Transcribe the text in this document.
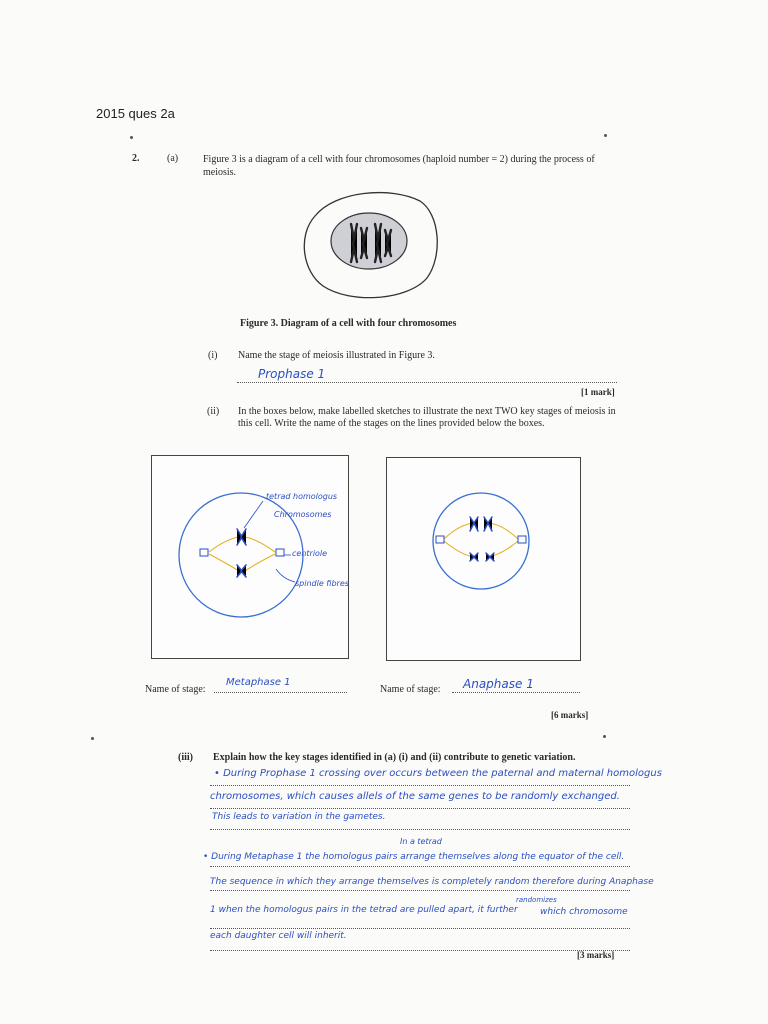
2015 ques 2a
2.	(a) Figure 3 is a diagram of a cell with four chromosomes (haploid number = 2) during the process of meiosis.
Figure 3. Diagram of a cell with four chromosomes
(i) Name the stage of meiosis illustrated in Figure 3.
Prophase 1
[1 mark]
(ii) In the boxes below, make labelled sketches to illustrate the next TWO key stages of meiosis in this cell. Write the name of the stages on the lines provided below the boxes.
tetrad homologus
Chromosomes
centriole
spindle fibres
Name of stage:
Metaphase 1
Name of stage: Anaphase 1
[6 marks]
(iii) Explain how the key stages identified in (a) (i) and (ii) contribute to genetic variation.
• During Prophase 1 crossing over occurs between the paternal and maternal homologus
chromosomes, which causes allels of the same genes to be randomly exchanged.
This leads to variation in the gametes.
In a tetrad
• During Metaphase 1 the homologus pairs arrange themselves along the equator of the cell.
The sequence in which they arrange themselves is completely random therefore during Anaphase
randomizes
1 when the homologus pairs in the tetrad are pulled apart, it further which chromosome
each daughter cell will inherit.
[3 marks]
